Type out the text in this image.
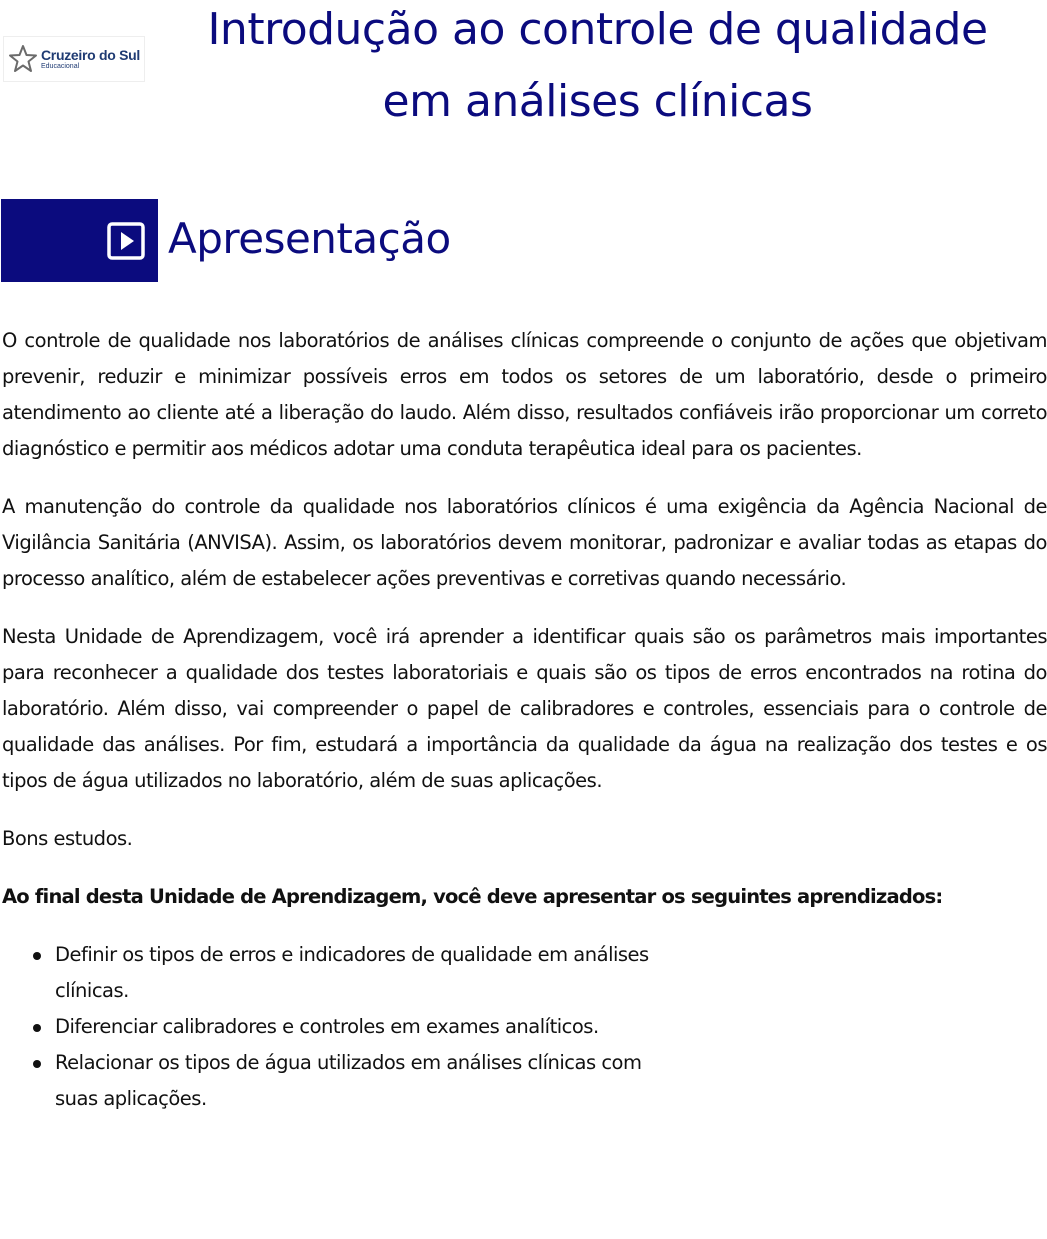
Cruzeiro do Sul
Educacional
Introdução ao controle de qualidade
em análises clínicas
Apresentação

O controle de qualidade nos laboratórios de análises clínicas compreende o conjunto de ações que objetivam prevenir, reduzir e minimizar possíveis erros em todos os setores de um laboratório, desde o primeiro atendimento ao cliente até a liberação do laudo. Além disso, resultados confiáveis irão proporcionar um correto diagnóstico e permitir aos médicos adotar uma conduta terapêutica ideal para os pacientes.

A manutenção do controle da qualidade nos laboratórios clínicos é uma exigência da Agência Nacional de Vigilância Sanitária (ANVISA). Assim, os laboratórios devem monitorar, padronizar e avaliar todas as etapas do processo analítico, além de estabelecer ações preventivas e corretivas quando necessário.

Nesta Unidade de Aprendizagem, você irá aprender a identificar quais são os parâmetros mais importantes para reconhecer a qualidade dos testes laboratoriais e quais são os tipos de erros encontrados na rotina do laboratório. Além disso, vai compreender o papel de calibradores e controles, essenciais para o controle de qualidade das análises. Por fim, estudará a importância da qualidade da água na realização dos testes e os tipos de água utilizados no laboratório, além de suas aplicações.

Bons estudos.

Ao final desta Unidade de Aprendizagem, você deve apresentar os seguintes aprendizados:

Definir os tipos de erros e indicadores de qualidade em análises clínicas.
Diferenciar calibradores e controles em exames analíticos.
Relacionar os tipos de água utilizados em análises clínicas com suas aplicações.
